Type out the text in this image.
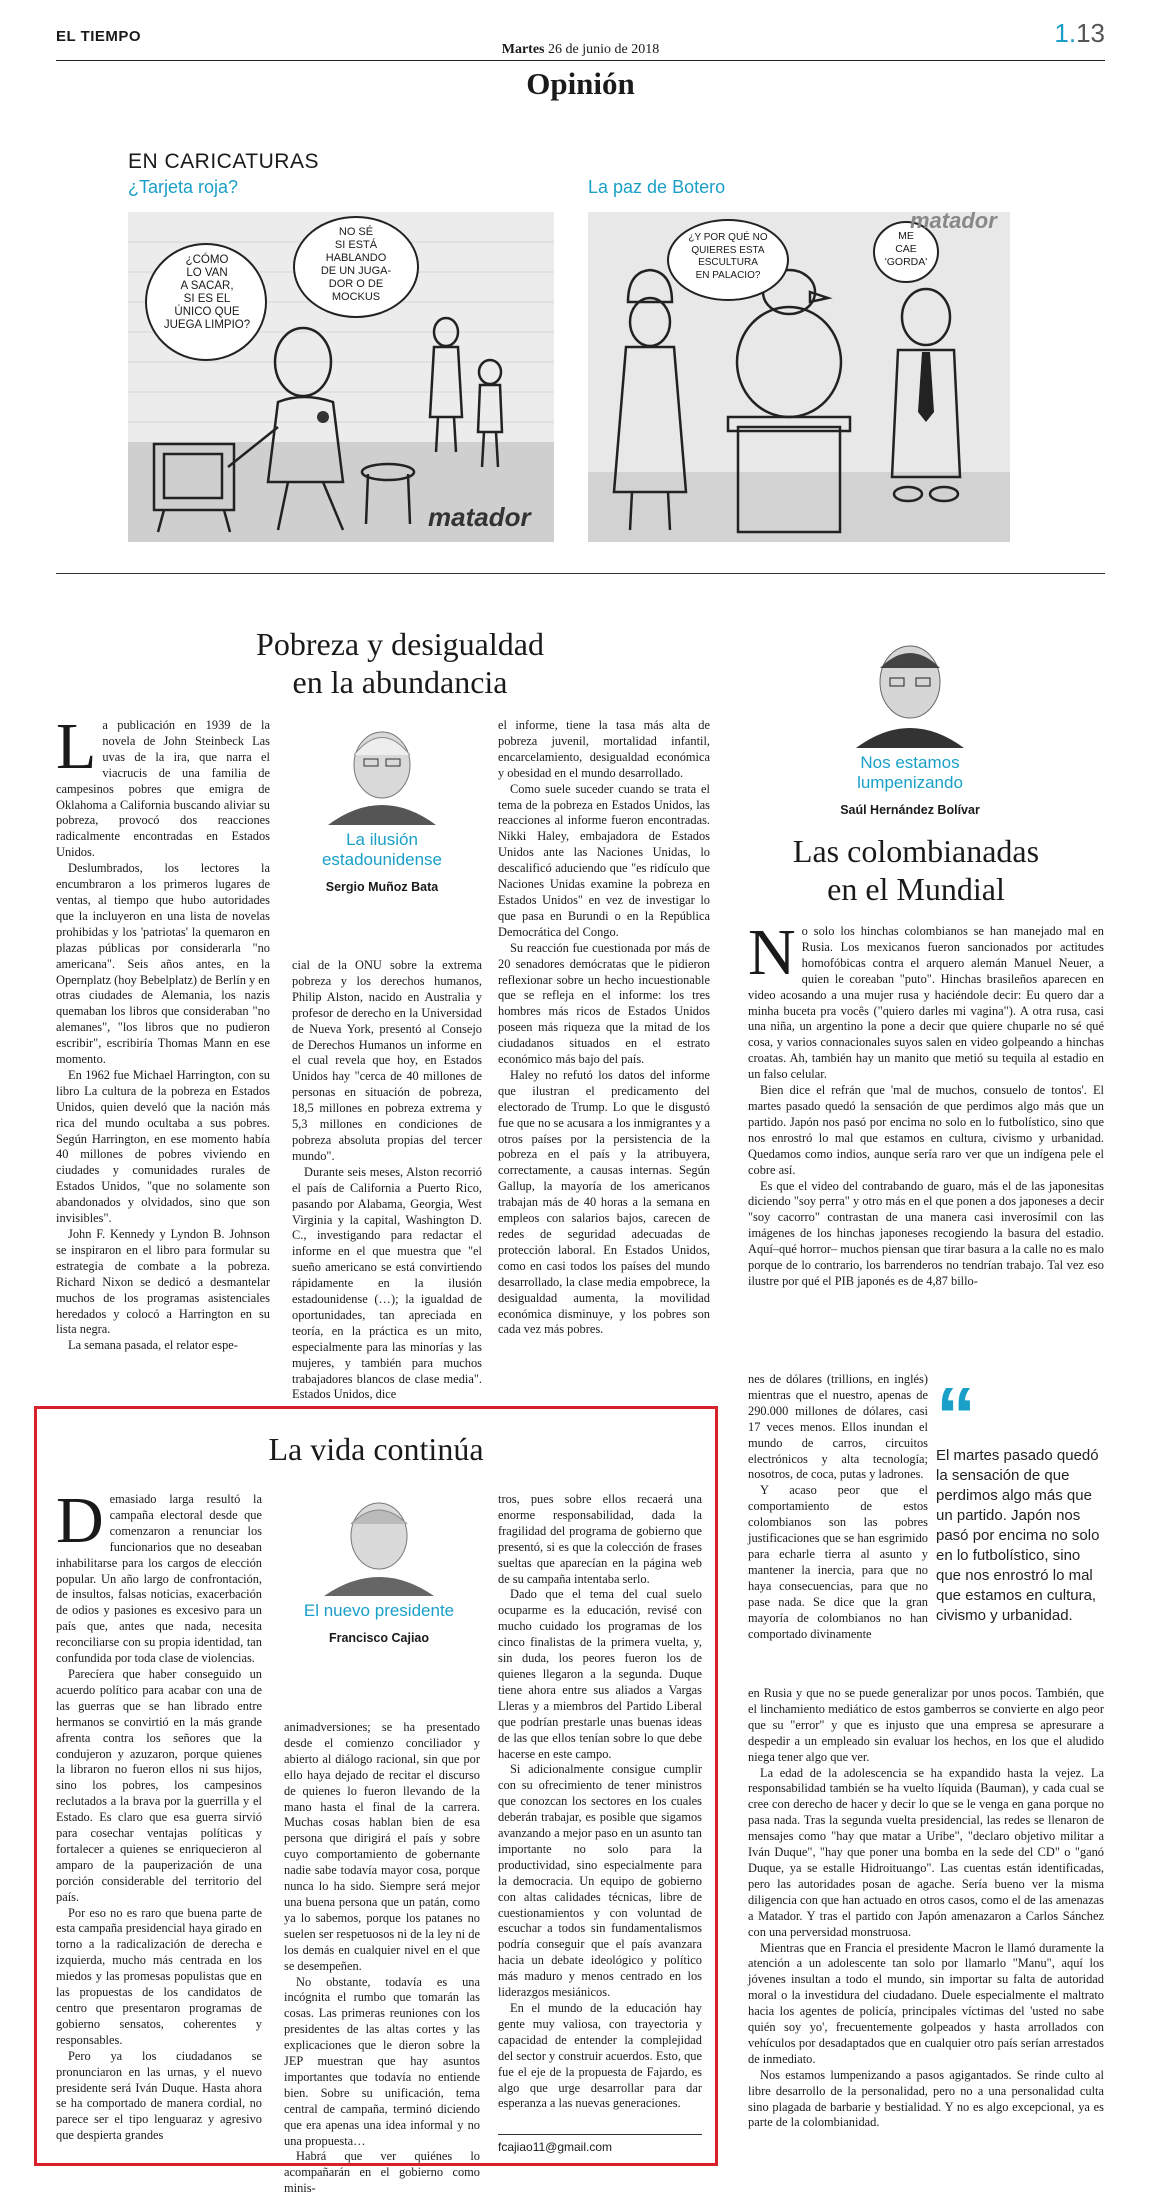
EL TIEMPO	1.13
Martes 26 de junio de 2018
Opinión
EN CARICATURAS
¿Tarjeta roja?	La paz de Botero
¿CÓMO
LO VAN
A SACAR,
SI ES EL
ÚNICO QUE
JUEGA LIMPIO?
NO SÉ
SI ESTÁ
HABLANDO
DE UN JUGA-
DOR O DE
MOCKUS
matador
¿Y POR QUÉ NO
QUIERES ESTA
ESCULTURA
EN PALACIO?
ME
CAE
'GORDA'
matador
Pobreza y desigualdad
en la abundancia

La publicación en 1939 de la novela de John Steinbeck Las uvas de la ira, que narra el viacrucis de una familia de campesinos pobres que emigra de Oklahoma a California buscando aliviar su pobreza, provocó dos reacciones radicalmente encontradas en Estados Unidos.

Deslumbrados, los lectores la encumbraron a los primeros lugares de ventas, al tiempo que hubo autoridades que la incluyeron en una lista de novelas prohibidas y los 'patriotas' la quemaron en plazas públicas por considerarla "no americana". Seis años antes, en la Opernplatz (hoy Bebelplatz) de Berlín y en otras ciudades de Alemania, los nazis quemaban los libros que consideraban "no alemanes", "los libros que no pudieron escribir", escribiría Thomas Mann en ese momento.

En 1962 fue Michael Harrington, con su libro La cultura de la pobreza en Estados Unidos, quien develó que la nación más rica del mundo ocultaba a sus pobres. Según Harrington, en ese momento había 40 millones de pobres viviendo en ciudades y comunidades rurales de Estados Unidos, "que no solamente son abandonados y olvidados, sino que son invisibles".

John F. Kennedy y Lyndon B. Johnson se inspiraron en el libro para formular su estrategia de combate a la pobreza. Richard Nixon se dedicó a desmantelar muchos de los programas asistenciales heredados y colocó a Harrington en su lista negra.

La semana pasada, el relator espe-

La ilusión
estadounidense
Sergio Muñoz Bata

cial de la ONU sobre la extrema pobreza y los derechos humanos, Philip Alston, nacido en Australia y profesor de derecho en la Universidad de Nueva York, presentó al Consejo de Derechos Humanos un informe en el cual revela que hoy, en Estados Unidos hay "cerca de 40 millones de personas en situación de pobreza, 18,5 millones en pobreza extrema y 5,3 millones en condiciones de pobreza absoluta propias del tercer mundo".

Durante seis meses, Alston recorrió el país de California a Puerto Rico, pasando por Alabama, Georgia, West Virginia y la capital, Washington D. C., investigando para redactar el informe en el que muestra que "el sueño americano se está convirtiendo rápidamente en la ilusión estadounidense (…); la igualdad de oportunidades, tan apreciada en teoría, en la práctica es un mito, especialmente para las minorías y las mujeres, y también para muchos trabajadores blancos de clase media". Estados Unidos, dice

el informe, tiene la tasa más alta de pobreza juvenil, mortalidad infantil, encarcelamiento, desigualdad económica y obesidad en el mundo desarrollado.

Como suele suceder cuando se trata el tema de la pobreza en Estados Unidos, las reacciones al informe fueron encontradas. Nikki Haley, embajadora de Estados Unidos ante las Naciones Unidas, lo descalificó aduciendo que "es ridículo que Naciones Unidas examine la pobreza en Estados Unidos" en vez de investigar lo que pasa en Burundi o en la República Democrática del Congo.

Su reacción fue cuestionada por más de 20 senadores demócratas que le pidieron reflexionar sobre un hecho incuestionable que se refleja en el informe: los tres hombres más ricos de Estados Unidos poseen más riqueza que la mitad de los ciudadanos situados en el estrato económico más bajo del país.

Haley no refutó los datos del informe que ilustran el predicamento del electorado de Trump. Lo que le disgustó fue que no se acusara a los inmigrantes y a otros países por la persistencia de la pobreza en el país y la atribuyera, correctamente, a causas internas. Según Gallup, la mayoría de los americanos trabajan más de 40 horas a la semana en empleos con salarios bajos, carecen de redes de seguridad adecuadas de protección laboral. En Estados Unidos, como en casi todos los países del mundo desarrollado, la clase media empobrece, la desigualdad aumenta, la movilidad económica disminuye, y los pobres son cada vez más pobres.

Nos estamos
lumpenizando
Saúl Hernández Bolívar
Las colombianadas
en el Mundial

No solo los hinchas colombianos se han manejado mal en Rusia. Los mexicanos fueron sancionados por actitudes homofóbicas contra el arquero alemán Manuel Neuer, a quien le coreaban "puto". Hinchas brasileños aparecen en video acosando a una mujer rusa y haciéndole decir: Eu quero dar a minha buceta pra vocês ("quiero darles mi vagina"). A otra rusa, casi una niña, un argentino la pone a decir que quiere chuparle no sé qué cosa, y varios connacionales suyos salen en video golpeando a hinchas croatas. Ah, también hay un manito que metió su tequila al estadio en un falso celular.

Bien dice el refrán que 'mal de muchos, consuelo de tontos'. El martes pasado quedó la sensación de que perdimos algo más que un partido. Japón nos pasó por encima no solo en lo futbolístico, sino que nos enrostró lo mal que estamos en cultura, civismo y urbanidad. Quedamos como indios, aunque sería raro ver que un indígena pele el cobre así.

Es que el video del contrabando de guaro, más el de las japonesitas diciendo "soy perra" y otro más en el que ponen a dos japoneses a decir "soy cacorro" contrastan de una manera casi inverosímil con las imágenes de los hinchas japoneses recogiendo la basura del estadio. Aquí–qué horror– muchos piensan que tirar basura a la calle no es malo porque de lo contrario, los barrenderos no tendrían trabajo. Tal vez eso ilustre por qué el PIB japonés es de 4,87 billo-

nes de dólares (trillions, en inglés) mientras que el nuestro, apenas de 290.000 millones de dólares, casi 17 veces menos. Ellos inundan el mundo de carros, circuitos electrónicos y alta tecnología; nosotros, de coca, putas y ladrones.

Y acaso peor que el comportamiento de estos colombianos son las pobres justificaciones que se han esgrimido para echarle tierra al asunto y mantener la inercia, para que no haya consecuencias, para que no pase nada. Se dice que la gran mayoría de colombianos no han comportado divinamente

“
El martes pasado quedó la sensación de que perdimos algo más que un partido. Japón nos pasó por encima no solo en lo futbolístico, sino que nos enrostró lo mal que estamos en cultura, civismo y urbanidad.

en Rusia y que no se puede generalizar por unos pocos. También, que el linchamiento mediático de estos gamberros se convierte en algo peor que su "error" y que es injusto que una empresa se apresurare a despedir a un empleado sin evaluar los hechos, en los que el aludido niega tener algo que ver.

La edad de la adolescencia se ha expandido hasta la vejez. La responsabilidad también se ha vuelto líquida (Bauman), y cada cual se cree con derecho de hacer y decir lo que se le venga en gana porque no pasa nada. Tras la segunda vuelta presidencial, las redes se llenaron de mensajes como "hay que matar a Uribe", "declaro objetivo militar a Iván Duque", "hay que poner una bomba en la sede del CD" o "ganó Duque, ya se estalle Hidroituango". Las cuentas están identificadas, pero las autoridades posan de agache. Sería bueno ver la misma diligencia con que han actuado en otros casos, como el de las amenazas a Matador. Y tras el partido con Japón amenazaron a Carlos Sánchez con una perversidad monstruosa.

Mientras que en Francia el presidente Macron le llamó duramente la atención a un adolescente tan solo por llamarlo "Manu", aquí los jóvenes insultan a todo el mundo, sin importar su falta de autoridad moral o la investidura del ciudadano. Duele especialmente el maltrato hacia los agentes de policía, principales víctimas del 'usted no sabe quién soy yo', frecuentemente golpeados y hasta arrollados con vehículos por desadaptados que en cualquier otro país serían arrestados de inmediato.

Nos estamos lumpenizando a pasos agigantados. Se rinde culto al libre desarrollo de la personalidad, pero no a una personalidad culta sino plagada de barbarie y bestialidad. Y no es algo excepcional, ya es parte de la colombianidad.

La vida continúa

Demasiado larga resultó la campaña electoral desde que comenzaron a renunciar los funcionarios que no deseaban inhabilitarse para los cargos de elección popular. Un año largo de confrontación, de insultos, falsas noticias, exacerbación de odios y pasiones es excesivo para un país que, antes que nada, necesita reconciliarse con su propia identidad, tan confundida por toda clase de violencias.

Parecíera que haber conseguido un acuerdo político para acabar con una de las guerras que se han librado entre hermanos se convirtió en la más grande afrenta contra los señores que la condujeron y azuzaron, porque quienes la libraron no fueron ellos ni sus hijos, sino los pobres, los campesinos reclutados a la brava por la guerrilla y el Estado. Es claro que esa guerra sirvió para cosechar ventajas políticas y fortalecer a quienes se enriquecieron al amparo de la pauperización de una porción considerable del territorio del país.

Por eso no es raro que buena parte de esta campaña presidencial haya girado en torno a la radicalización de derecha e izquierda, mucho más centrada en los miedos y las promesas populistas que en las propuestas de los candidatos de centro que presentaron programas de gobierno sensatos, coherentes y responsables.

Pero ya los ciudadanos se pronunciaron en las urnas, y el nuevo presidente será Iván Duque. Hasta ahora se ha comportado de manera cordial, no parece ser el tipo lenguaraz y agresivo que despierta grandes

El nuevo presidente
Francisco Cajiao

animadversiones; se ha presentado desde el comienzo conciliador y abierto al diálogo racional, sin que por ello haya dejado de recitar el discurso de quienes lo fueron llevando de la mano hasta el final de la carrera. Muchas cosas hablan bien de esa persona que dirigirá el país y sobre cuyo comportamiento de gobernante nadie sabe todavía mayor cosa, porque nunca lo ha sido. Siempre será mejor una buena persona que un patán, como ya lo sabemos, porque los patanes no suelen ser respetuosos ni de la ley ni de los demás en cualquier nivel en el que se desempeñen.

No obstante, todavía es una incógnita el rumbo que tomarán las cosas. Las primeras reuniones con los presidentes de las altas cortes y las explicaciones que le dieron sobre la JEP muestran que hay asuntos importantes que todavía no entiende bien. Sobre su unificación, tema central de campaña, terminó diciendo que era apenas una idea informal y no una propuesta…

Habrá que ver quiénes lo acompañarán en el gobierno como minis-

tros, pues sobre ellos recaerá una enorme responsabilidad, dada la fragilidad del programa de gobierno que presentó, si es que la colección de frases sueltas que aparecían en la página web de su campaña intentaba serlo.

Dado que el tema del cual suelo ocuparme es la educación, revisé con mucho cuidado los programas de los cinco finalistas de la primera vuelta, y, sin duda, los peores fueron los de quienes llegaron a la segunda. Duque tiene ahora entre sus aliados a Vargas Lleras y a miembros del Partido Liberal que podrían prestarle unas buenas ideas de las que ellos tenían sobre lo que debe hacerse en este campo.

Si adicionalmente consigue cumplir con su ofrecimiento de tener ministros que conozcan los sectores en los cuales deberán trabajar, es posible que sigamos avanzando a mejor paso en un asunto tan importante no solo para la productividad, sino especialmente para la democracia. Un equipo de gobierno con altas calidades técnicas, libre de cuestionamientos y con voluntad de escuchar a todos sin fundamentalismos podría conseguir que el país avanzara hacia un debate ideológico y político más maduro y menos centrado en los liderazgos mesiánicos.

En el mundo de la educación hay gente muy valiosa, con trayectoria y capacidad de entender la complejidad del sector y construir acuerdos. Esto, que fue el eje de la propuesta de Fajardo, es algo que urge desarrollar para dar esperanza a las nuevas generaciones.

fcajiao11@gmail.com
